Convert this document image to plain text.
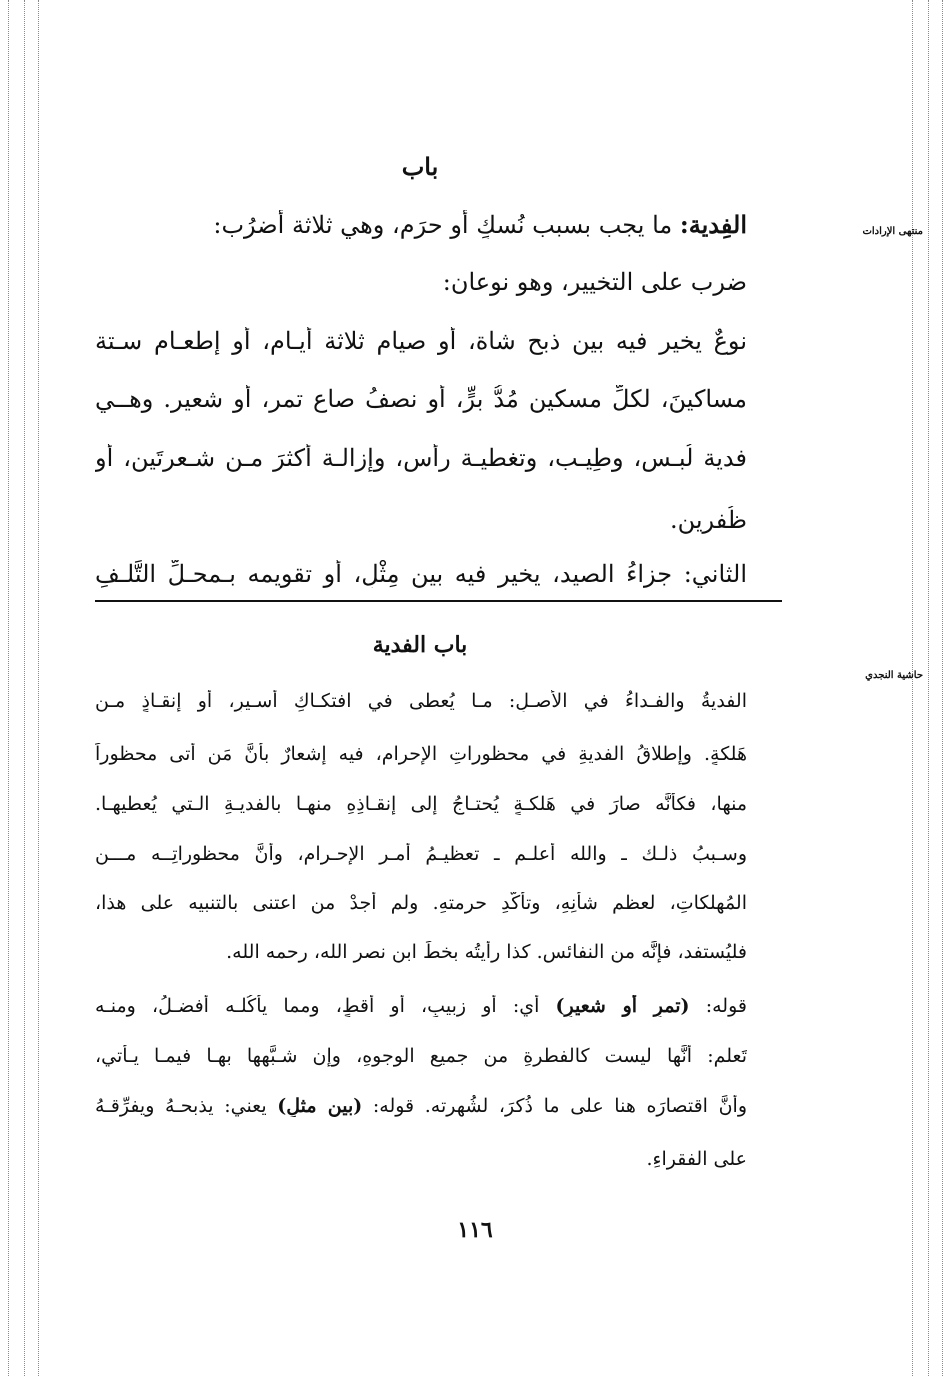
منتهى الإرادات
حاشية النجدي
باب
الفِدية: ما يجب بسبب نُسكٍ أو حرَم، وهي ثلاثة أضرُب:
ضرب على التخيير، وهو نوعان:
نوعٌ يخير فيه بين ذبح شاة، أو صيام ثلاثة أيـامٍ، أو إطعـامِ سـتة
مساكينَ، لكلِّ مسكينٍ مُدُّ برٍّ، أو نصفُ صاعِ تمرٍ، أو شعيرٍ. وهــي
فدية لُبـس، وطِيـب، وتغطيـة رأس، وإزالـة أكثرَ مـن شـعرتَين، أو
ظُفرين.
الثاني: جزاءُ الصيد، يخير فيه بين مِثْلٍ، أو تقويمه بـمحـلِّ التَّلـفِ
باب الفدية
الفديةُ والفـداءُ في الأصـلِ: مـا يُعطى في افتكـاكِ أسـيرٍ، أو إنقـاذٍ مـن
هَلكةٍ. وإطلاقُ الفديةِ في محظوراتِ الإحرامِ، فيه إشعارٌ بأنَّ مَن أتى محظوراً
منها، فكأنَّه صارَ في هَلكـةٍ يُحتـاجُ إلى إنقـاذِهِ منهـا بالفديـةِ الـتي يُعطيهـا.
وسـببُ ذلـك ـ والله أعلـم ـ تعظيـمُ أمـرِ الإحـرام، وأنَّ محظوراتِــه مـــن
المُهلكاتِ، لعظمِ شأنِهِ، وتأكُّدِ حرمتهِ. ولم أجدْ من اعتنى بالتنبيه على هذا،
فليُستفد، فإنَّه من النفائسِ. كذا رأيتُه بخطِّ ابن نصر الله، رحمه الله.
قوله: (تمرٍ أو شعيرٍ) أي: أو زبيبٍ، أو أقطٍ، ومما يأكُلـه أفضـلُ، ومنـه
تَعلم: أنَّها ليست كالفطرةِ من جميعِ الوجوهِ، وإن شـبَّهها بهـا فيمـا يـأتي،
وأنَّ اقتصارَه هنا على ما ذُكرَ، لشُهرته. قوله: (بين مثلٍ) يعني: يذبحـهُ ويفرِّقـهُ
على الفقراءِ.
١١٦
